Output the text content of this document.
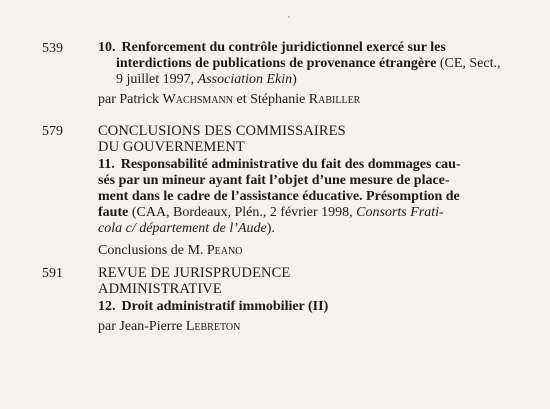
539	10. Renforcement du contrôle juridictionnel exercé sur les
interdictions de publications de provenance étrangère (CE, Sect.,
9 juillet 1997, Association Ekin)
par Patrick Wachsmann et Stéphanie Rabiller
579 CONCLUSIONS DES COMMISSAIRES
DU GOUVERNEMENT
11. Responsabilité administrative du fait des dommages cau-
sés par un mineur ayant fait l’objet d’une mesure de place-
ment dans le cadre de l’assistance éducative. Présomption de
faute (CAA, Bordeaux, Plén., 2 février 1998, Consorts Frati-
cola c/ département de l’Aude).
Conclusions de M. Peano
591 REVUE DE JURISPRUDENCE
ADMINISTRATIVE
12. Droit administratif immobilier (II)
par Jean-Pierre Lebreton
